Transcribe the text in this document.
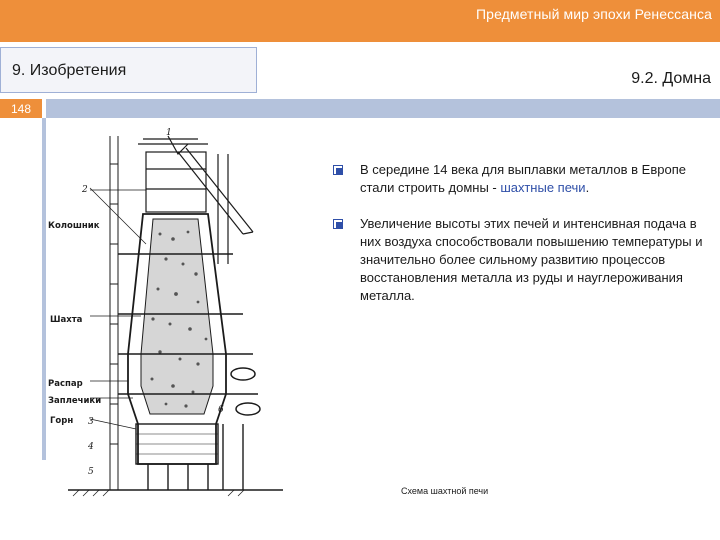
Предметный мир эпохи Ренессанса
9. Изобретения	9.2. Домна
148
Колошник
Шахта
Распар
Заплечики
Горн
1
2
3
4
5
6
В середине 14 века для выплавки металлов в Европе стали строить домны - шахтные печи.
Увеличение высоты этих печей и интенсивная подача в них воздуха способствовали повышению температуры и значительно более сильному развитию процессов восстановления металла из руды и науглероживания металла.
Схема шахтной печи
